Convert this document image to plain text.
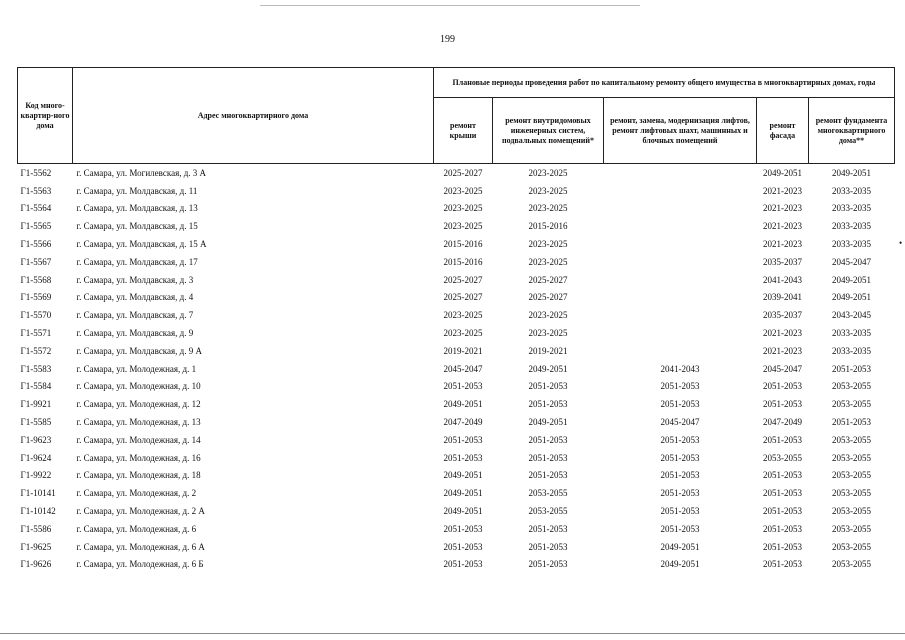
199
•
Код много-квартир-ного дома	Адрес многоквартирного дома	Плановые периоды проведения работ по капитальному ремонту общего имущества в многоквартирных домах, годы				
		ремонт крыши	ремонт внутридомовых инженерных систем, подвальных помещений*	ремонт, замена, модернизация лифтов, ремонт лифтовых шахт, машинных и блочных помещений	ремонт фасада	ремонт фундамента многоквартирного дома**
Г1-5562	г. Самара, ул. Могилевская, д. 3 А	2025-2027	2023-2025		2049-2051	2049-2051
Г1-5563	г. Самара, ул. Молдавская, д. 11	2023-2025	2023-2025		2021-2023	2033-2035
Г1-5564	г. Самара, ул. Молдавская, д. 13	2023-2025	2023-2025		2021-2023	2033-2035
Г1-5565	г. Самара, ул. Молдавская, д. 15	2023-2025	2015-2016		2021-2023	2033-2035
Г1-5566	г. Самара, ул. Молдавская, д. 15 А	2015-2016	2023-2025		2021-2023	2033-2035
Г1-5567	г. Самара, ул. Молдавская, д. 17	2015-2016	2023-2025		2035-2037	2045-2047
Г1-5568	г. Самара, ул. Молдавская, д. 3	2025-2027	2025-2027		2041-2043	2049-2051
Г1-5569	г. Самара, ул. Молдавская, д. 4	2025-2027	2025-2027		2039-2041	2049-2051
Г1-5570	г. Самара, ул. Молдавская, д. 7	2023-2025	2023-2025		2035-2037	2043-2045
Г1-5571	г. Самара, ул. Молдавская, д. 9	2023-2025	2023-2025		2021-2023	2033-2035
Г1-5572	г. Самара, ул. Молдавская, д. 9 А	2019-2021	2019-2021		2021-2023	2033-2035
Г1-5583	г. Самара, ул. Молодежная, д. 1	2045-2047	2049-2051	2041-2043	2045-2047	2051-2053
Г1-5584	г. Самара, ул. Молодежная, д. 10	2051-2053	2051-2053	2051-2053	2051-2053	2053-2055
Г1-9921	г. Самара, ул. Молодежная, д. 12	2049-2051	2051-2053	2051-2053	2051-2053	2053-2055
Г1-5585	г. Самара, ул. Молодежная, д. 13	2047-2049	2049-2051	2045-2047	2047-2049	2051-2053
Г1-9623	г. Самара, ул. Молодежная, д. 14	2051-2053	2051-2053	2051-2053	2051-2053	2053-2055
Г1-9624	г. Самара, ул. Молодежная, д. 16	2051-2053	2051-2053	2051-2053	2053-2055	2053-2055
Г1-9922	г. Самара, ул. Молодежная, д. 18	2049-2051	2051-2053	2051-2053	2051-2053	2053-2055
Г1-10141	г. Самара, ул. Молодежная, д. 2	2049-2051	2053-2055	2051-2053	2051-2053	2053-2055
Г1-10142	г. Самара, ул. Молодежная, д. 2 А	2049-2051	2053-2055	2051-2053	2051-2053	2053-2055
Г1-5586	г. Самара, ул. Молодежная, д. 6	2051-2053	2051-2053	2051-2053	2051-2053	2053-2055
Г1-9625	г. Самара, ул. Молодежная, д. 6 А	2051-2053	2051-2053	2049-2051	2051-2053	2053-2055
Г1-9626	г. Самара, ул. Молодежная, д. 6 Б	2051-2053	2051-2053	2049-2051	2051-2053	2053-2055
